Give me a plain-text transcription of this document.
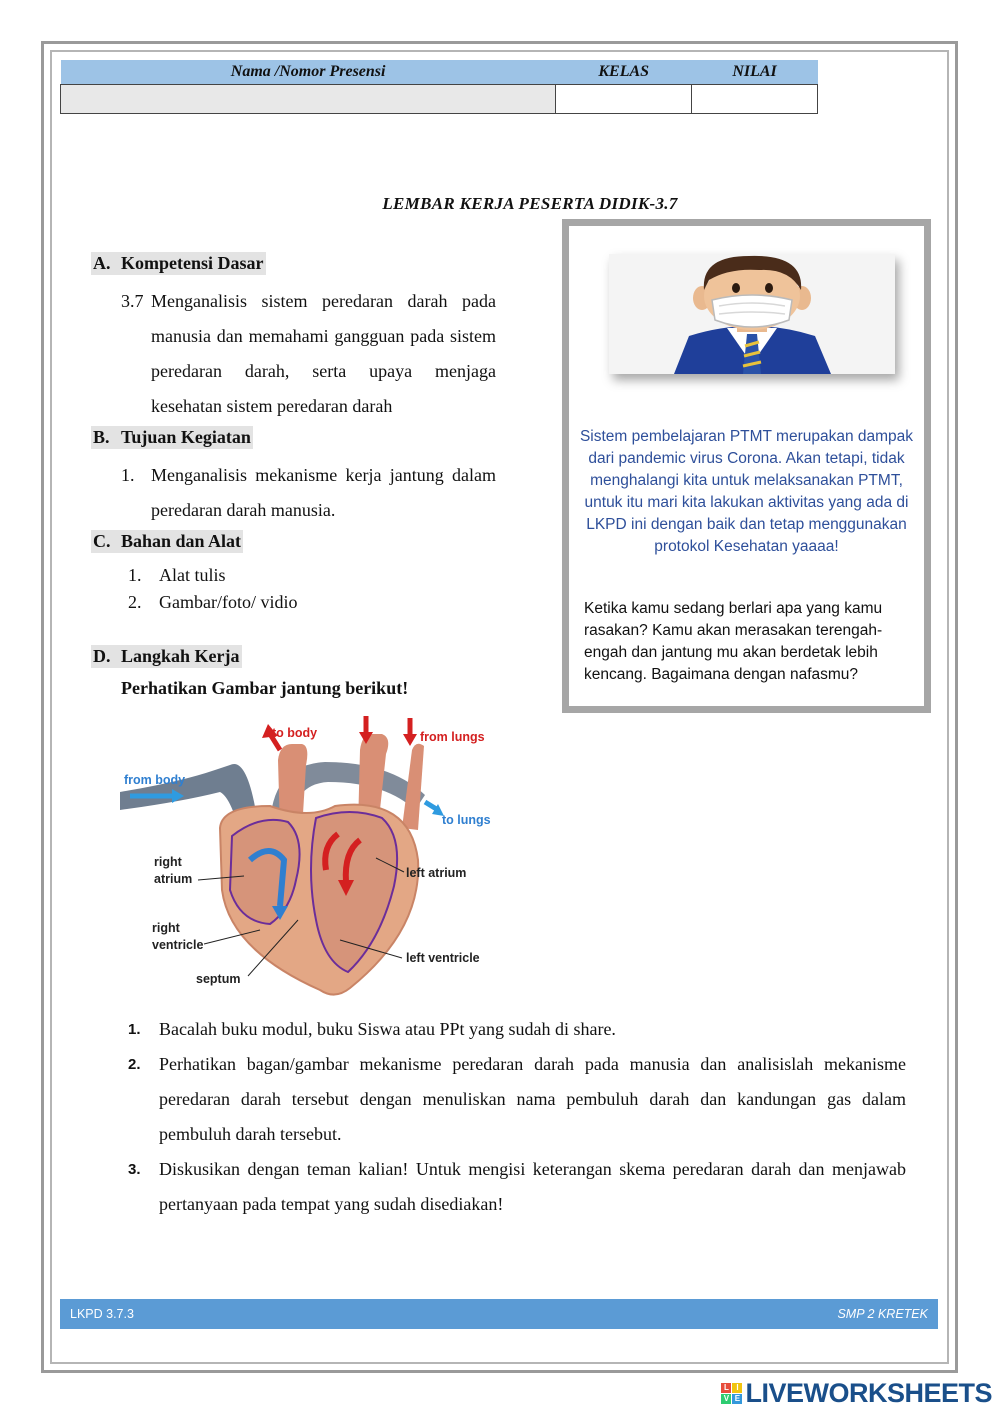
Nama /Nomor Presensi	KELAS	NILAI

LEMBAR KERJA PESERTA DIDIK-3.7
A. Kompetensi Dasar
3.7 Menganalisis sistem peredaran darah pada manusia dan memahami gangguan pada sistem peredaran darah, serta upaya menjaga kesehatan sistem peredaran darah
B. Tujuan Kegiatan
1. Menganalisis mekanisme kerja jantung dalam peredaran darah manusia.
C. Bahan dan Alat
1. Alat tulis
2. Gambar/foto/ vidio
D. Langkah Kerja
Perhatikan Gambar jantung berikut!
Sistem pembelajaran PTMT merupakan dampak dari pandemic virus Corona. Akan tetapi, tidak menghalangi kita untuk melaksanakan PTMT, untuk itu mari kita lakukan aktivitas yang ada di LKPD ini dengan baik dan tetap menggunakan protokol Kesehatan yaaaa!
Ketika kamu sedang berlari apa yang kamu rasakan? Kamu akan merasakan terengah-engah dan jantung mu akan berdetak lebih kencang. Bagaimana dengan nafasmu?
to body	from lungs
from body
to lungs
right
atrium	left atrium
right
ventricle
left ventricle
septum
1. Bacalah buku modul, buku Siswa atau PPt yang sudah di share.
2. Perhatikan bagan/gambar mekanisme peredaran darah pada manusia dan analisislah mekanisme peredaran darah tersebut dengan menuliskan nama pembuluh darah dan kandungan gas dalam pembuluh darah tersebut.
3. Diskusikan dengan teman kalian! Untuk mengisi keterangan skema peredaran darah dan menjawab pertanyaan pada tempat yang sudah disediakan!
LKPD 3.7.3	SMP 2 KRETEK
L I
V E LIVEWORKSHEETS
